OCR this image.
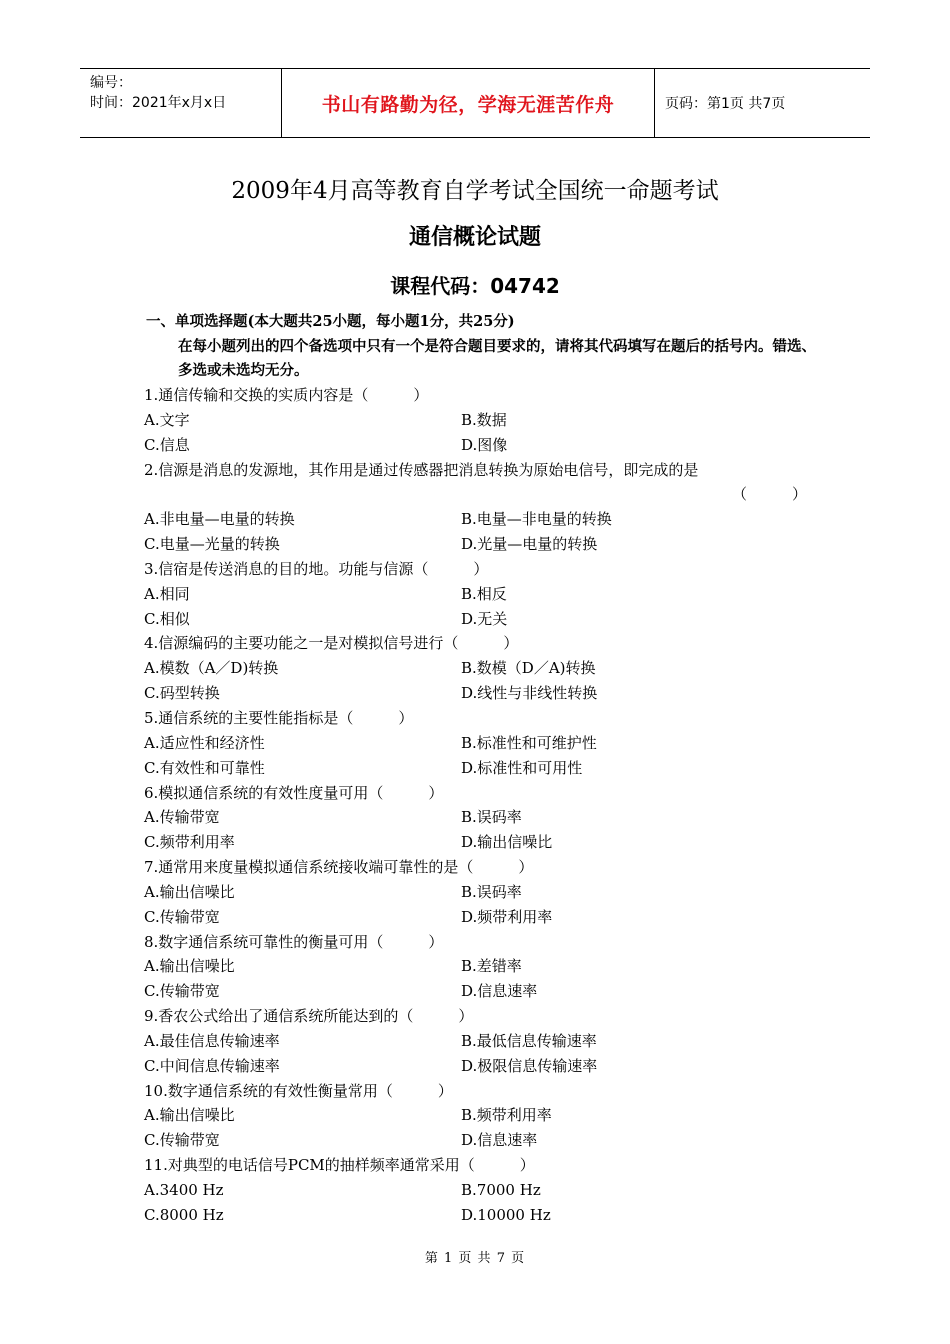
编号：
时间：2021年x月x日	书山有路勤为径，学海无涯苦作舟	页码：第1页 共7页
2009年4月高等教育自学考试全国统一命题考试
通信概论试题
课程代码：04742
一、单项选择题(本大题共25小题，每小题1分，共25分)
在每小题列出的四个备选项中只有一个是符合题目要求的，请将其代码填写在题后的括号内。错选、多选或未选均无分。
1.通信传输和交换的实质内容是（　　　）
A.文字	B.数据
C.信息	D.图像
2.信源是消息的发源地，其作用是通过传感器把消息转换为原始电信号，即完成的是
（　　　）
A.非电量—电量的转换	B.电量—非电量的转换
C.电量—光量的转换	D.光量—电量的转换
3.信宿是传送消息的目的地。功能与信源（　　　）
A.相同	B.相反
C.相似	D.无关
4.信源编码的主要功能之一是对模拟信号进行（　　　）
A.模数（A／D)转换	B.数模（D／A)转换
C.码型转换	D.线性与非线性转换
5.通信系统的主要性能指标是（　　　）
A.适应性和经济性	B.标准性和可维护性
C.有效性和可靠性	D.标准性和可用性
6.模拟通信系统的有效性度量可用（　　　）
A.传输带宽	B.误码率
C.频带利用率	D.输出信噪比
7.通常用来度量模拟通信系统接收端可靠性的是（　　　）
A.输出信噪比	B.误码率
C.传输带宽	D.频带利用率
8.数字通信系统可靠性的衡量可用（　　　）
A.输出信噪比	B.差错率
C.传输带宽	D.信息速率
9.香农公式给出了通信系统所能达到的（　　　）
A.最佳信息传输速率	B.最低信息传输速率
C.中间信息传输速率	D.极限信息传输速率
10.数字通信系统的有效性衡量常用（　　　）
A.输出信噪比	B.频带利用率
C.传输带宽	D.信息速率
11.对典型的电话信号PCM的抽样频率通常采用（　　　）
A.3400 Hz	B.7000 Hz
C.8000 Hz	D.10000 Hz
第 1 页 共 7 页
